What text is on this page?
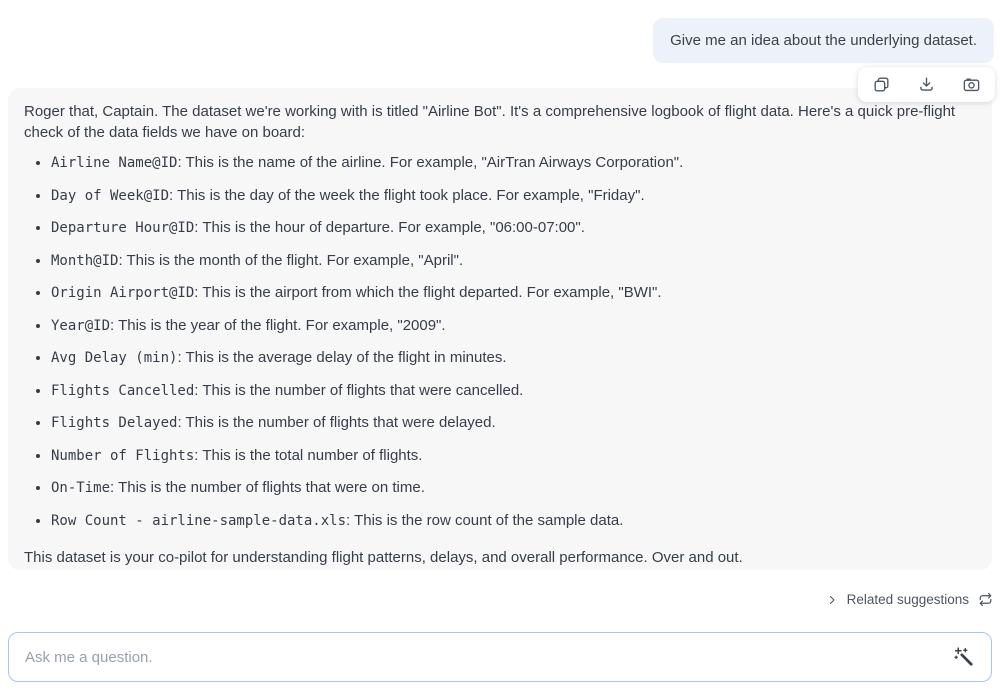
Give me an idea about the underlying dataset.

Roger that, Captain. The dataset we're working with is titled "Airline Bot". It's a comprehensive logbook of flight data. Here's a quick pre-flight check of the data fields we have on board:

• Airline Name@ID: This is the name of the airline. For example, "AirTran Airways Corporation".
• Day of Week@ID: This is the day of the week the flight took place. For example, "Friday".
• Departure Hour@ID: This is the hour of departure. For example, "06:00-07:00".
• Month@ID: This is the month of the flight. For example, "April".
• Origin Airport@ID: This is the airport from which the flight departed. For example, "BWI".
• Year@ID: This is the year of the flight. For example, "2009".
• Avg Delay (min): This is the average delay of the flight in minutes.
• Flights Cancelled: This is the number of flights that were cancelled.
• Flights Delayed: This is the number of flights that were delayed.
• Number of Flights: This is the total number of flights.
• On-Time: This is the number of flights that were on time.
• Row Count - airline-sample-data.xls: This is the row count of the sample data.

This dataset is your co-pilot for understanding flight patterns, delays, and overall performance. Over and out.

Related suggestions
Ask me a question.
